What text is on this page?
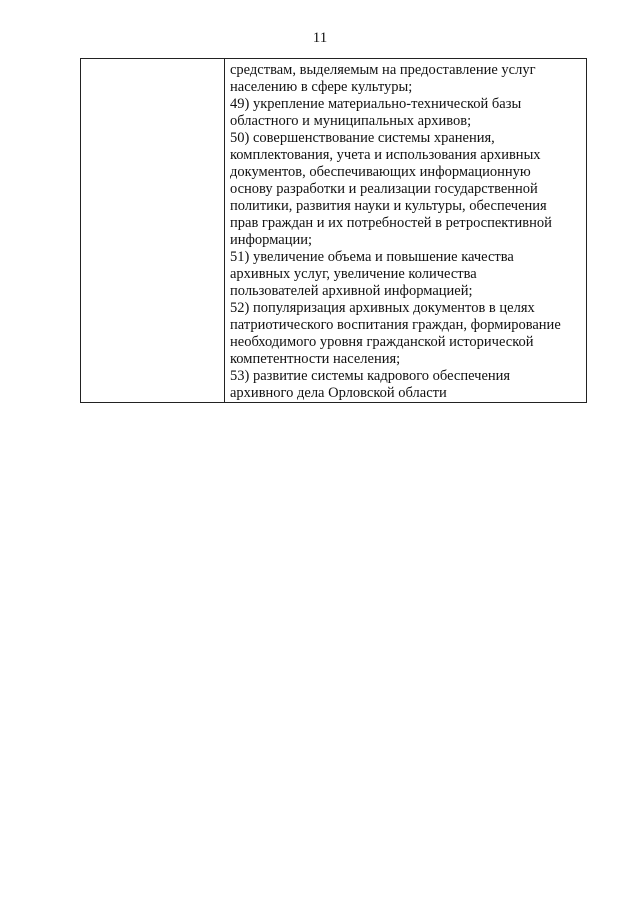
11
средствам, выделяемым на предоставление услуг
населению в сфере культуры;
49) укрепление материально-технической базы
областного и муниципальных архивов;
50) совершенствование системы хранения,
комплектования, учета и использования архивных
документов, обеспечивающих информационную
основу разработки и реализации государственной
политики, развития науки и культуры, обеспечения
прав граждан и их потребностей в ретроспективной
информации;
51) увеличение объема и повышение качества
архивных услуг, увеличение количества
пользователей архивной информацией;
52) популяризация архивных документов в целях
патриотического воспитания граждан, формирование
необходимого уровня гражданской исторической
компетентности населения;
53) развитие системы кадрового обеспечения
архивного дела Орловской области
